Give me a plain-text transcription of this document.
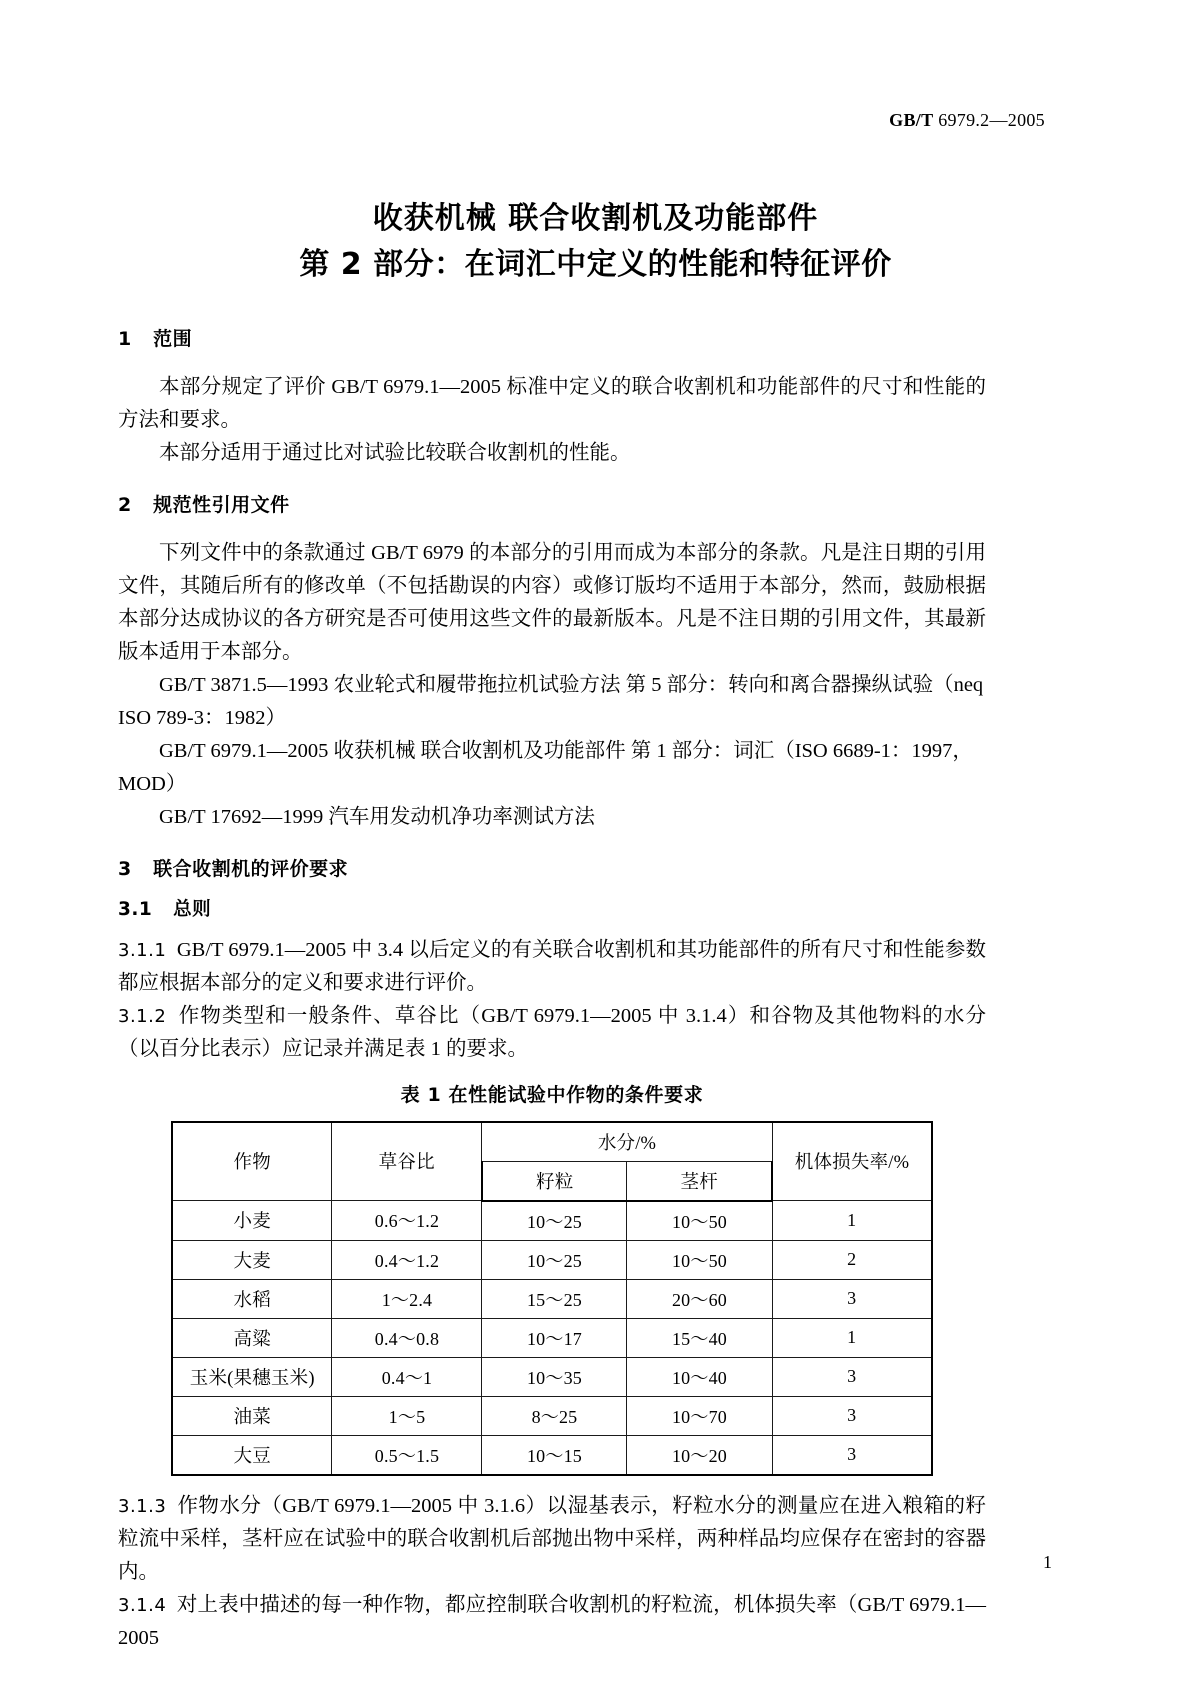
GB/T 6979.2—2005
收获机械 联合收割机及功能部件
第 2 部分：在词汇中定义的性能和特征评价
1 范围

本部分规定了评价 GB/T 6979.1—2005 标准中定义的联合收割机和功能部件的尺寸和性能的方法和要求。

本部分适用于通过比对试验比较联合收割机的性能。

2 规范性引用文件

下列文件中的条款通过 GB/T 6979 的本部分的引用而成为本部分的条款。凡是注日期的引用文件，其随后所有的修改单（不包括勘误的内容）或修订版均不适用于本部分，然而，鼓励根据本部分达成协议的各方研究是否可使用这些文件的最新版本。凡是不注日期的引用文件，其最新版本适用于本部分。

GB/T 3871.5—1993 农业轮式和履带拖拉机试验方法 第 5 部分：转向和离合器操纵试验（neq ISO 789-3：1982）

GB/T 6979.1—2005 收获机械 联合收割机及功能部件 第 1 部分：词汇（ISO 6689-1：1997，MOD）

GB/T 17692—1999 汽车用发动机净功率测试方法

3 联合收割机的评价要求
3.1 总则

3.1.1 GB/T 6979.1—2005 中 3.4 以后定义的有关联合收割机和其功能部件的所有尺寸和性能参数都应根据本部分的定义和要求进行评价。

3.1.2 作物类型和一般条件、草谷比（GB/T 6979.1—2005 中 3.1.4）和谷物及其他物料的水分（以百分比表示）应记录并满足表 1 的要求。

表 1 在性能试验中作物的条件要求
作物	草谷比	水分/%		机体损失率/%
		籽粒	茎杆	
小麦	0.6～1.2	10～25	10～50	1
大麦	0.4～1.2	10～25	10～50	2
水稻	1～2.4	15～25	20～60	3
高粱	0.4～0.8	10～17	15～40	1
玉米(果穗玉米)	0.4～1	10～35	10～40	3
油菜	1～5	8～25	10～70	3
大豆	0.5～1.5	10～15	10～20	3

3.1.3 作物水分（GB/T 6979.1—2005 中 3.1.6）以湿基表示，籽粒水分的测量应在进入粮箱的籽粒流中采样，茎杆应在试验中的联合收割机后部抛出物中采样，两种样品均应保存在密封的容器内。

3.1.4 对上表中描述的每一种作物，都应控制联合收割机的籽粒流，机体损失率（GB/T 6979.1—2005

1
